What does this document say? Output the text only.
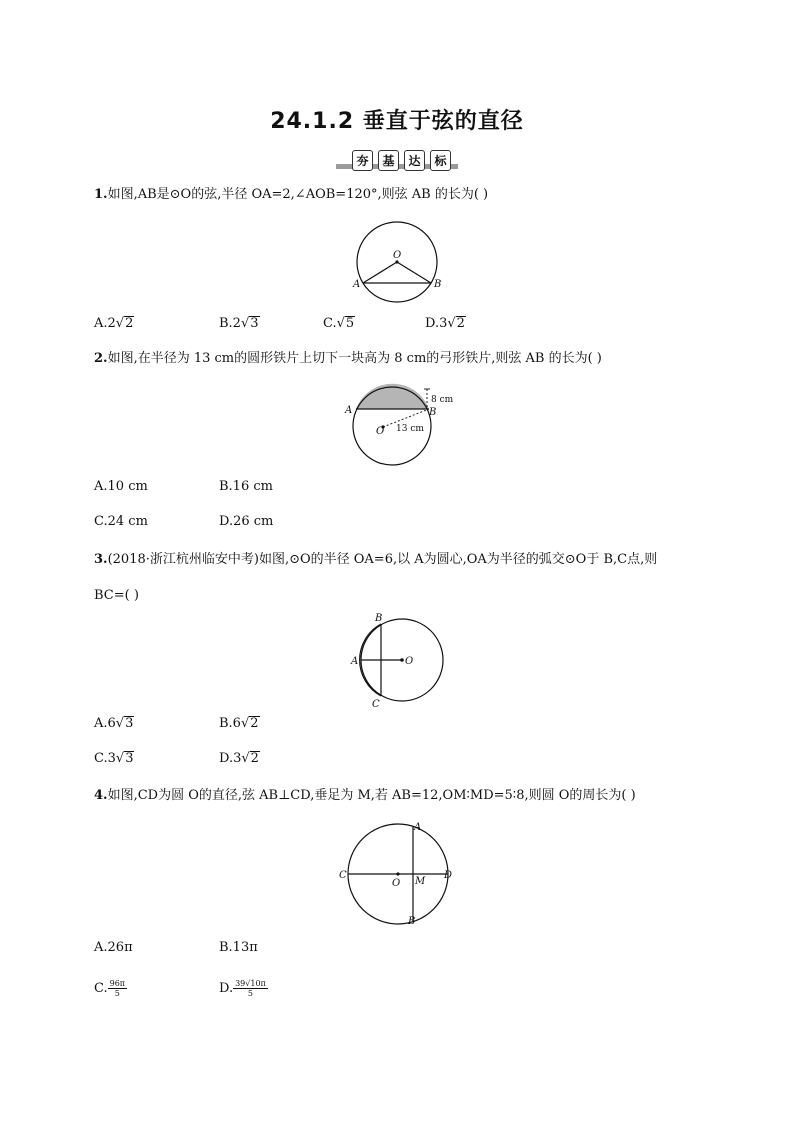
24.1.2 垂直于弦的直径
夯	基	达	标
1.如图,AB是⊙O的弦,半径 OA=2,∠AOB=120°,则弦 AB 的长为( )
O
A	B
A.2√2	B.2√3	C.√5	D.3√2
2.如图,在半径为 13 cm的圆形铁片上切下一块高为 8 cm的弓形铁片,则弦 AB 的长为( )
A	B
O
8 cm
13 cm
A.10 cm	B.16 cm
C.24 cm	D.26 cm
3.(2018·浙江杭州临安中考)如图,⊙O的半径 OA=6,以 A为圆心,OA为半径的弧交⊙O于 B,C点,则
BC=( )
B
A	O
C
A.6√3	B.6√2
C.3√3	D.3√2
4.如图,CD为圆 O的直径,弦 AB⊥CD,垂足为 M,若 AB=12,OM∶MD=5∶8,则圆 O的周长为( )
A
C
O M
D
B
A.26π	B.13π
C. $\frac{96\pi}{5}$	D. $\frac{39√10\pi}{5}$
